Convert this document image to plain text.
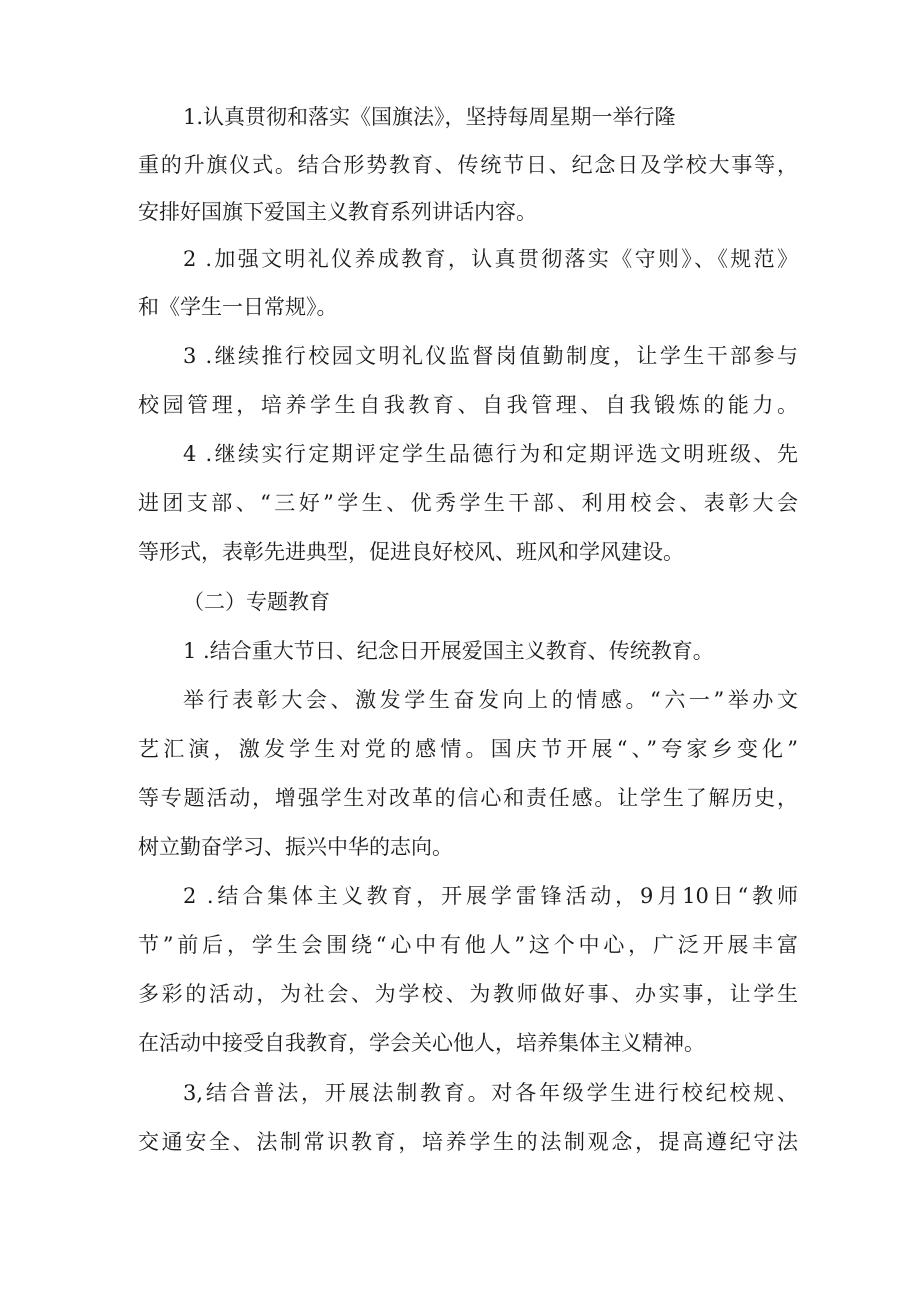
1.认真贯彻和落实《国旗法》，坚持每周星期一举行隆
重的升旗仪式。结合形势教育、传统节日、纪念日及学校大事等，
安排好国旗下爱国主义教育系列讲话内容。
2 .加强文明礼仪养成教育，认真贯彻落实《守则》、《规范》
和《学生一日常规》。
3 .继续推行校园文明礼仪监督岗值勤制度，让学生干部参与
校园管理，培养学生自我教育、自我管理、自我锻炼的能力。
4 .继续实行定期评定学生品德行为和定期评选文明班级、先
进团支部、“三好”学生、优秀学生干部、利用校会、表彰大会
等形式，表彰先进典型，促进良好校风、班风和学风建设。
（二）专题教育
1 .结合重大节日、纪念日开展爱国主义教育、传统教育。
举行表彰大会、激发学生奋发向上的情感。“六一”举办文
艺汇演，激发学生对党的感情。国庆节开展“、”夸家乡变化”
等专题活动，增强学生对改革的信心和责任感。让学生了解历史，
树立勤奋学习、振兴中华的志向。
2 .结合集体主义教育，开展学雷锋活动，9月10日“教师
节”前后，学生会围绕“心中有他人”这个中心，广泛开展丰富
多彩的活动，为社会、为学校、为教师做好事、办实事，让学生
在活动中接受自我教育，学会关心他人，培养集体主义精神。
3,结合普法，开展法制教育。对各年级学生进行校纪校规、
交通安全、法制常识教育，培养学生的法制观念，提高遵纪守法
